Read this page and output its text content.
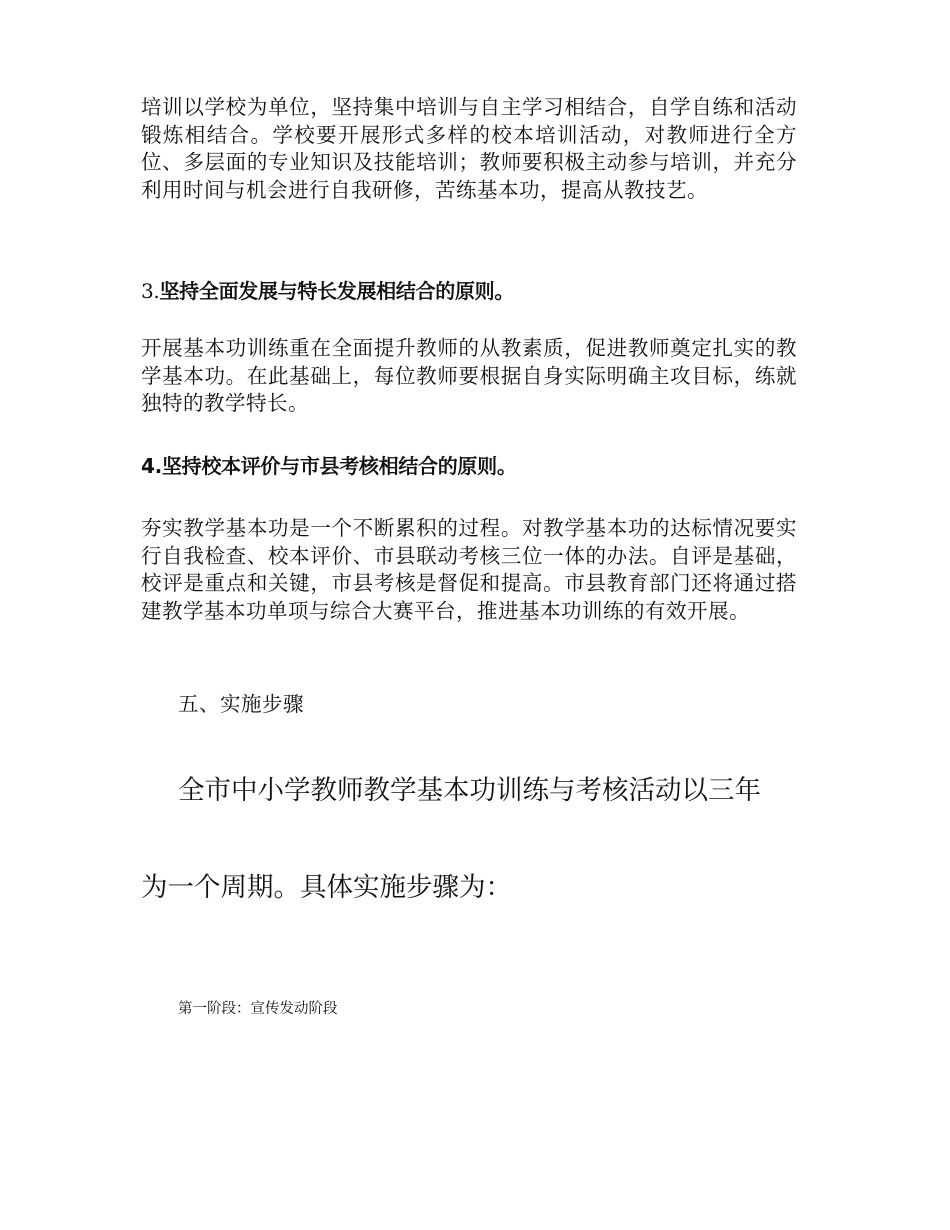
培训以学校为单位，坚持集中培训与自主学习相结合，自学自练和活动锻炼相结合。学校要开展形式多样的校本培训活动，对教师进行全方位、多层面的专业知识及技能培训；教师要积极主动参与培训，并充分利用时间与机会进行自我研修，苦练基本功，提高从教技艺。

3.坚持全面发展与特长发展相结合的原则。

开展基本功训练重在全面提升教师的从教素质，促进教师奠定扎实的教学基本功。在此基础上，每位教师要根据自身实际明确主攻目标，练就独特的教学特长。

4.坚持校本评价与市县考核相结合的原则。

夯实教学基本功是一个不断累积的过程。对教学基本功的达标情况要实行自我检查、校本评价、市县联动考核三位一体的办法。自评是基础，校评是重点和关键，市县考核是督促和提高。市县教育部门还将通过搭建教学基本功单项与综合大赛平台，推进基本功训练的有效开展。

五、实施步骤
全市中小学教师教学基本功训练与考核活动以三年
为一个周期。具体实施步骤为：
第一阶段：宣传发动阶段
